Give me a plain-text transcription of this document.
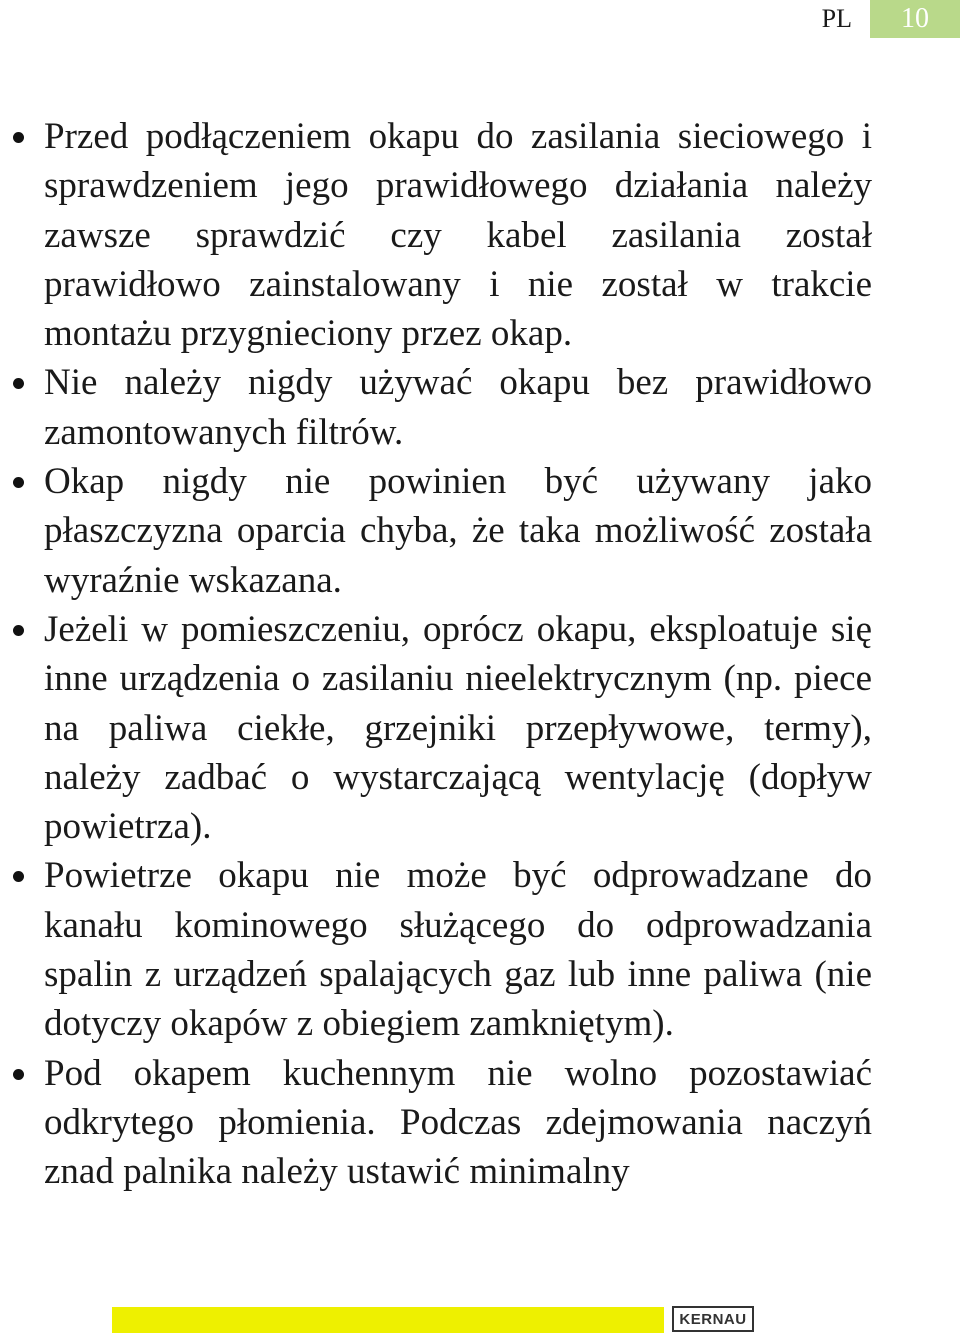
PL	10
Przed podłączeniem okapu do zasilania sieciowego i sprawdzeniem jego prawidłowego działania należy zawsze sprawdzić czy kabel zasilania został prawidłowo zainstalowany i nie został w trakcie montażu przygnieciony przez okap.
Nie należy nigdy używać okapu bez prawidłowo zamontowanych filtrów.
Okap nigdy nie powinien być używany jako płaszczyzna oparcia chyba, że taka możliwość została wyraźnie wskazana.
Jeżeli w pomieszczeniu, oprócz okapu, eksploatuje się inne urządzenia o zasilaniu nieelektrycznym (np. piece na paliwa ciekłe, grzejniki przepływowe, termy), należy zadbać o wystarczającą wentylację (dopływ powietrza).
Powietrze okapu nie może być odprowadzane do kanału kominowego służącego do odprowadzania spalin z urządzeń spalających gaz lub inne paliwa (nie dotyczy okapów z obiegiem zamkniętym).
Pod okapem kuchennym nie wolno pozostawiać odkrytego płomienia. Podczas zdejmowania naczyń znad palnika należy ustawić minimalny
KERNAU
